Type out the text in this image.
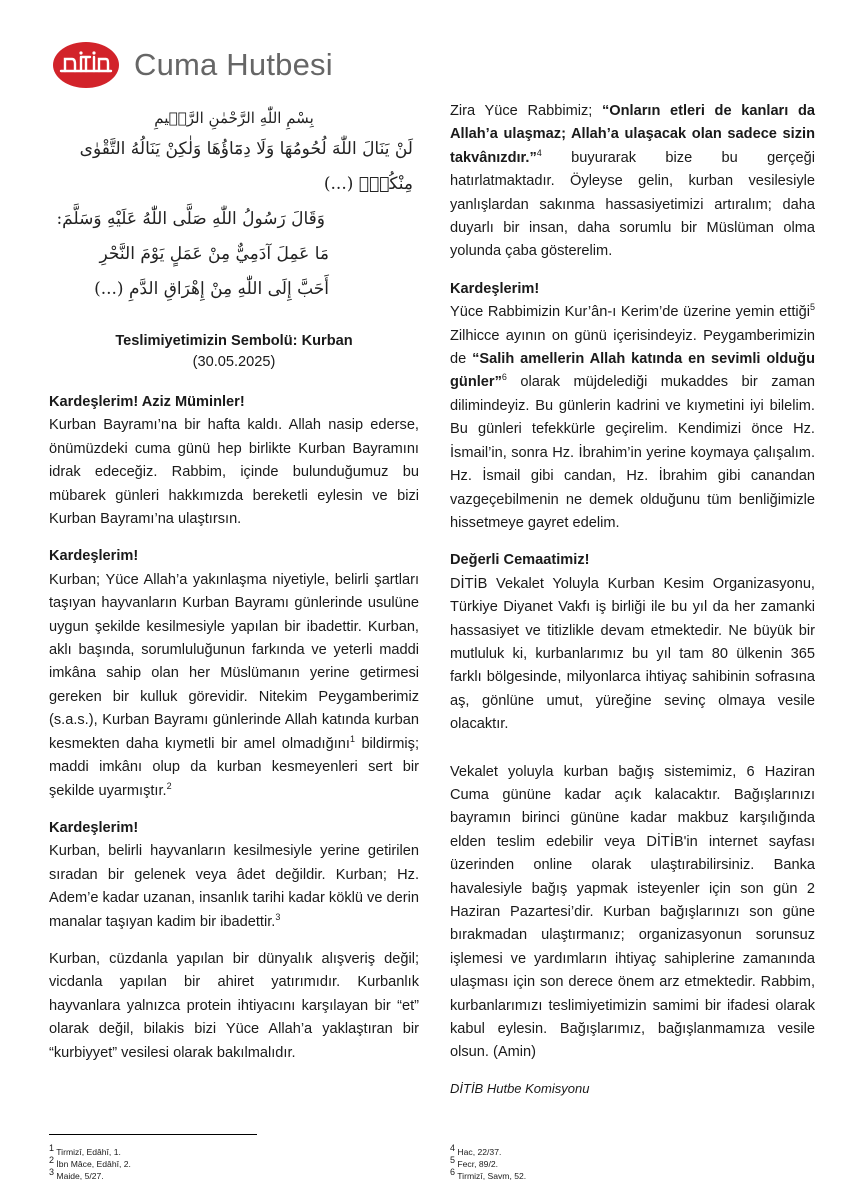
Cuma Hutbesi
بِسْمِ اللّٰهِ الرَّحْمٰنِ الرَّح۪يمِ
لَنْ يَنَالَ اللّٰهَ لُحُومُهَا وَلَا دِمَٓاؤُهَا وَلٰكِنْ يَنَالُهُ التَّقْوٰى مِنْكُمْۜ (...)
وَقَالَ رَسُولُ اللّٰهِ صَلَّى اللّٰهُ عَلَيْهِ وَسَلَّمَ:
مَا عَمِلَ آدَمِيٌّ مِنْ عَمَلٍ يَوْمَ النَّحْرِ
أَحَبَّ إِلَى اللّٰهِ مِنْ إِهْرَاقِ الدَّمِ (...)
Teslimiyetimizin Sembolü: Kurban
(30.05.2025)
Kardeşlerim! Aziz Müminler!

Kurban Bayramı’na bir hafta kaldı. Allah nasip ederse, önümüzdeki cuma günü hep birlikte Kurban Bayramını idrak edeceğiz. Rabbim, içinde bulunduğumuz bu mübarek günleri hakkımızda bereketli eylesin ve bizi Kurban Bayramı’na ulaştırsın.

Kardeşlerim!

Kurban; Yüce Allah’a yakınlaşma niyetiyle, belirli şartları taşıyan hayvanların Kurban Bayramı günlerinde usulüne uygun şekilde kesilmesiyle yapılan bir ibadettir. Kurban, aklı başında, sorumluluğunun farkında ve yeterli maddi imkâna sahip olan her Müslümanın yerine getirmesi gereken bir kulluk görevidir. Nitekim Peygamberimiz (s.a.s.), Kurban Bayramı günlerinde Allah katında kurban kesmekten daha kıymetli bir amel olmadığını$^1$ bildirmiş; maddi imkânı olup da kurban kesmeyenleri sert bir şekilde uyarmıştır.$^2$

Kardeşlerim!

Kurban, belirli hayvanların kesilmesiyle yerine getirilen sıradan bir gelenek veya âdet değildir. Kurban; Hz. Adem’e kadar uzanan, insanlık tarihi kadar köklü ve derin manalar taşıyan kadim bir ibadettir.$^3$

Kurban, cüzdanla yapılan bir dünyalık alışveriş değil; vicdanla yapılan bir ahiret yatırımıdır. Kurbanlık hayvanlara yalnızca protein ihtiyacını karşılayan bir “et” olarak değil, bilakis bizi Yüce Allah’a yaklaştıran bir “kurbiyyet” vesilesi olarak bakılmalıdır.

Zira Yüce Rabbimiz; “Onların etleri de kanları da Allah’a ulaşmaz; Allah’a ulaşacak olan sadece sizin takvânızdır.”$^4$ buyurarak bize bu gerçeği hatırlatmaktadır. Öyleyse gelin, kurban vesilesiyle yanlışlardan sakınma hassasiyetimizi artıralım; daha duyarlı bir insan, daha sorumlu bir Müslüman olma yolunda çaba gösterelim.

Kardeşlerim!

Yüce Rabbimizin Kur’ân-ı Kerim’de üzerine yemin ettiği$^5$ Zilhicce ayının on günü içerisindeyiz. Peygamberimizin de “Salih amellerin Allah katında en sevimli olduğu günler”$^6$ olarak müjdelediği mukaddes bir zaman dilimindeyiz. Bu günlerin kadrini ve kıymetini iyi bilelim. Bu günleri tefekkürle geçirelim. Kendimizi önce Hz. İsmail’in, sonra Hz. İbrahim’in yerine koymaya çalışalım. Hz. İsmail gibi candan, Hz. İbrahim gibi canandan vazgeçebilmenin ne demek olduğunu tüm benliğimizle hissetmeye gayret edelim.

Değerli Cemaatimiz!

DİTİB Vekalet Yoluyla Kurban Kesim Organizasyonu, Türkiye Diyanet Vakfı iş birliği ile bu yıl da her zamanki hassasiyet ve titizlikle devam etmektedir. Ne büyük bir mutluluk ki, kurbanlarımız bu yıl tam 80 ülkenin 365 farklı bölgesinde, milyonlarca ihtiyaç sahibinin sofrasına aş, gönlüne umut, yüreğine sevinç olmaya vesile olacaktır.

Vekalet yoluyla kurban bağış sistemimiz, 6 Haziran Cuma gününe kadar açık kalacaktır. Bağışlarınızı bayramın birinci gününe kadar makbuz karşılığında elden teslim edebilir veya DİTİB'in internet sayfası üzerinden online olarak ulaştırabilirsiniz. Banka havalesiyle bağış yapmak isteyenler için son gün 2 Haziran Pazartesi’dir. Kurban bağışlarınızı son güne bırakmadan ulaştırmanız; organizasyonun sorunsuz işlemesi ve yardımların ihtiyaç sahiplerine zamanında ulaşması için son derece önem arz etmektedir. Rabbim, kurbanlarımızı teslimiyetimizin samimi bir ifadesi olarak kabul eylesin. Bağışlarımız, bağışlanmamıza vesile olsun. (Amin)

DİTİB Hutbe Komisyonu
$^1$ Tirmizî, Edâhî, 1.
$^2$ İbn Mâce, Edâhî, 2.
$^3$ Maide, 5/27.
$^4$ Hac, 22/37.
$^5$ Fecr, 89/2.
$^6$ Tirmizî, Savm, 52.
